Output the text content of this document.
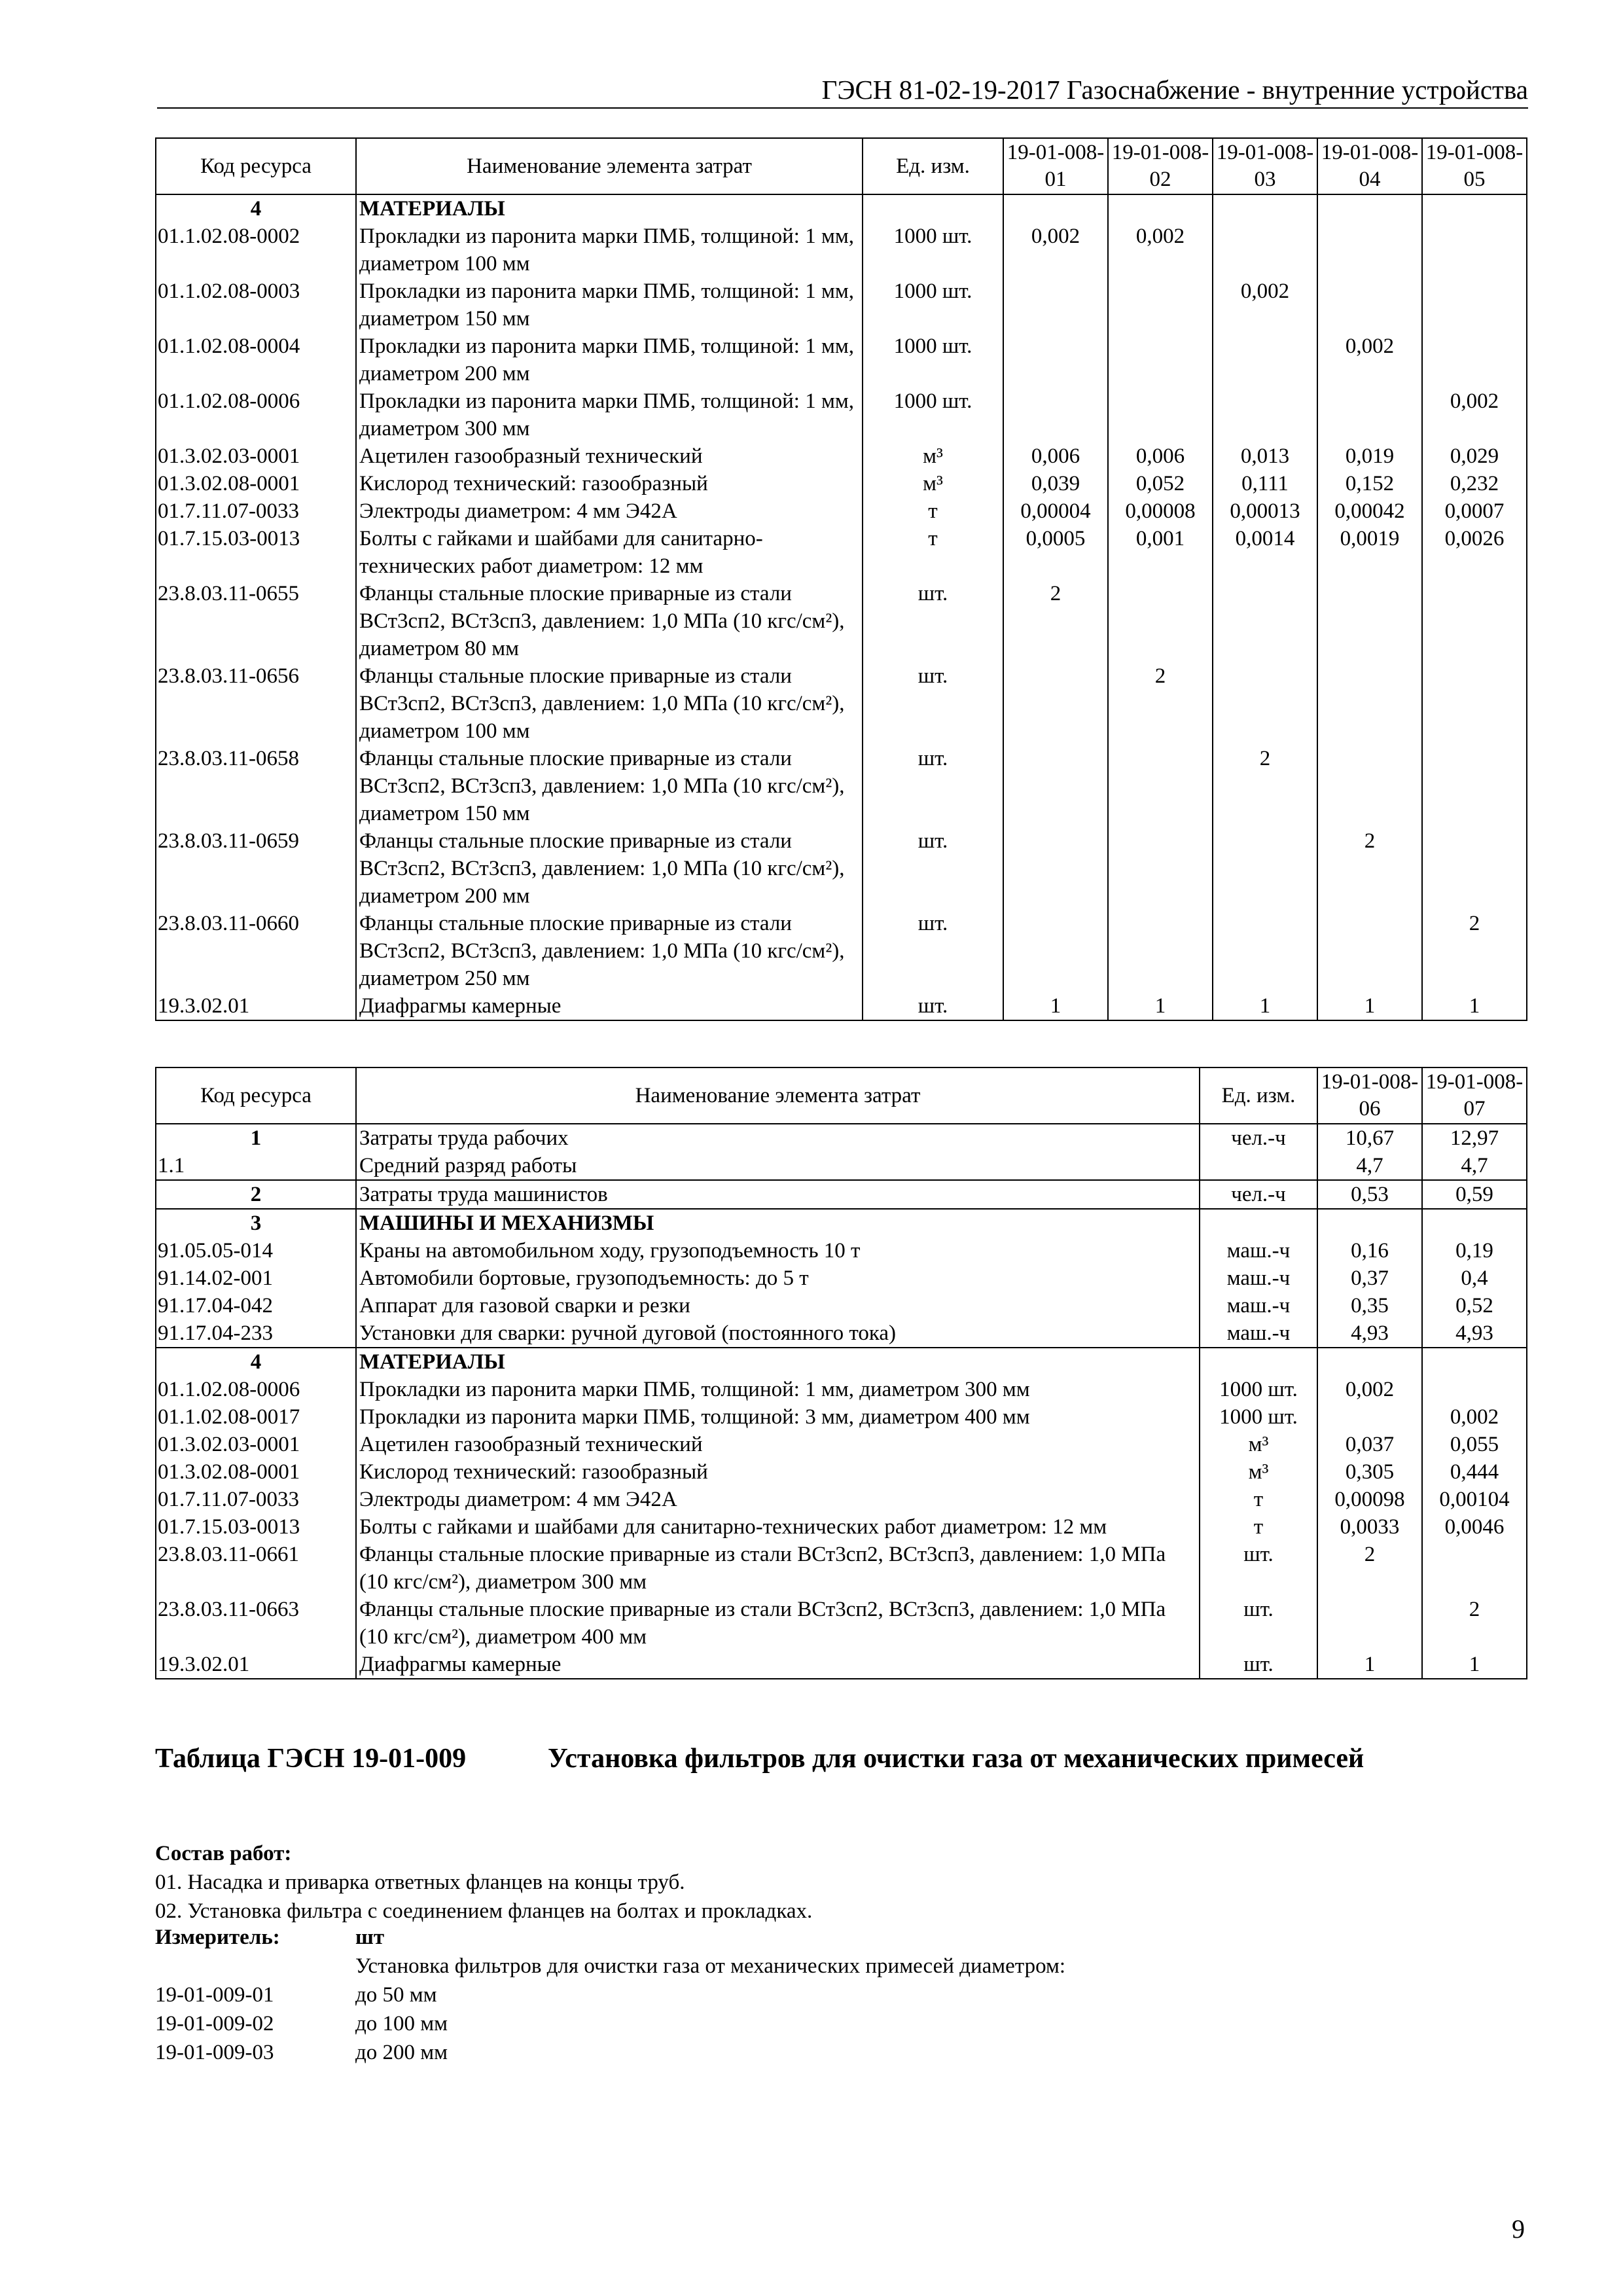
ГЭСН 81-02-19-2017 Газоснабжение - внутренние устройства
Код ресурса	Наименование элемента затрат	Ед. изм.	19-01-008-01	19-01-008-02	19-01-008-03	19-01-008-04	19-01-008-05
4	МАТЕРИАЛЫ						
01.1.02.08-0002	Прокладки из паронита марки ПМБ, толщиной: 1 мм, диаметром 100 мм	1000 шт.	0,002	0,002			
01.1.02.08-0003	Прокладки из паронита марки ПМБ, толщиной: 1 мм, диаметром 150 мм	1000 шт.			0,002		
01.1.02.08-0004	Прокладки из паронита марки ПМБ, толщиной: 1 мм, диаметром 200 мм	1000 шт.				0,002	
01.1.02.08-0006	Прокладки из паронита марки ПМБ, толщиной: 1 мм, диаметром 300 мм	1000 шт.					0,002
01.3.02.03-0001	Ацетилен газообразный технический	м³	0,006	0,006	0,013	0,019	0,029
01.3.02.08-0001	Кислород технический: газообразный	м³	0,039	0,052	0,111	0,152	0,232
01.7.11.07-0033	Электроды диаметром: 4 мм Э42А	т	0,00004	0,00008	0,00013	0,00042	0,0007
01.7.15.03-0013	Болты с гайками и шайбами для санитарно-технических работ диаметром: 12 мм	т	0,0005	0,001	0,0014	0,0019	0,0026
23.8.03.11-0655	Фланцы стальные плоские приварные из стали ВСт3сп2, ВСт3сп3, давлением: 1,0 МПа (10 кгс/см²), диаметром 80 мм	шт.	2				
23.8.03.11-0656	Фланцы стальные плоские приварные из стали ВСт3сп2, ВСт3сп3, давлением: 1,0 МПа (10 кгс/см²), диаметром 100 мм	шт.		2			
23.8.03.11-0658	Фланцы стальные плоские приварные из стали ВСт3сп2, ВСт3сп3, давлением: 1,0 МПа (10 кгс/см²), диаметром 150 мм	шт.			2		
23.8.03.11-0659	Фланцы стальные плоские приварные из стали ВСт3сп2, ВСт3сп3, давлением: 1,0 МПа (10 кгс/см²), диаметром 200 мм	шт.				2	
23.8.03.11-0660	Фланцы стальные плоские приварные из стали ВСт3сп2, ВСт3сп3, давлением: 1,0 МПа (10 кгс/см²), диаметром 250 мм	шт.					2
19.3.02.01	Диафрагмы камерные	шт.	1	1	1	1	1
Код ресурса	Наименование элемента затрат	Ед. изм.	19-01-008-06	19-01-008-07
1	Затраты труда рабочих	чел.-ч	10,67	12,97
1.1	Средний разряд работы		4,7	4,7
2	Затраты труда машинистов	чел.-ч	0,53	0,59
3	МАШИНЫ И МЕХАНИЗМЫ			
91.05.05-014	Краны на автомобильном ходу, грузоподъемность 10 т	маш.-ч	0,16	0,19
91.14.02-001	Автомобили бортовые, грузоподъемность: до 5 т	маш.-ч	0,37	0,4
91.17.04-042	Аппарат для газовой сварки и резки	маш.-ч	0,35	0,52
91.17.04-233	Установки для сварки: ручной дуговой (постоянного тока)	маш.-ч	4,93	4,93
4	МАТЕРИАЛЫ			
01.1.02.08-0006	Прокладки из паронита марки ПМБ, толщиной: 1 мм, диаметром 300 мм	1000 шт.	0,002	
01.1.02.08-0017	Прокладки из паронита марки ПМБ, толщиной: 3 мм, диаметром 400 мм	1000 шт.		0,002
01.3.02.03-0001	Ацетилен газообразный технический	м³	0,037	0,055
01.3.02.08-0001	Кислород технический: газообразный	м³	0,305	0,444
01.7.11.07-0033	Электроды диаметром: 4 мм Э42А	т	0,00098	0,00104
01.7.15.03-0013	Болты с гайками и шайбами для санитарно-технических работ диаметром: 12 мм	т	0,0033	0,0046
23.8.03.11-0661	Фланцы стальные плоские приварные из стали ВСт3сп2, ВСт3сп3, давлением: 1,0 МПа (10 кгс/см²), диаметром 300 мм	шт.	2	
23.8.03.11-0663	Фланцы стальные плоские приварные из стали ВСт3сп2, ВСт3сп3, давлением: 1,0 МПа (10 кгс/см²), диаметром 400 мм	шт.		2
19.3.02.01	Диафрагмы камерные	шт.	1	1
Таблица ГЭСН 19-01-009	Установка фильтров для очистки газа от механических примесей
Состав работ:
01. Насадка и приварка ответных фланцев на концы труб.
02. Установка фильтра с соединением фланцев на болтах и прокладках.
Измеритель:	шт
Установка фильтров для очистки газа от механических примесей диаметром:
19-01-009-01	до 50 мм
19-01-009-02	до 100 мм
19-01-009-03	до 200 мм
9
